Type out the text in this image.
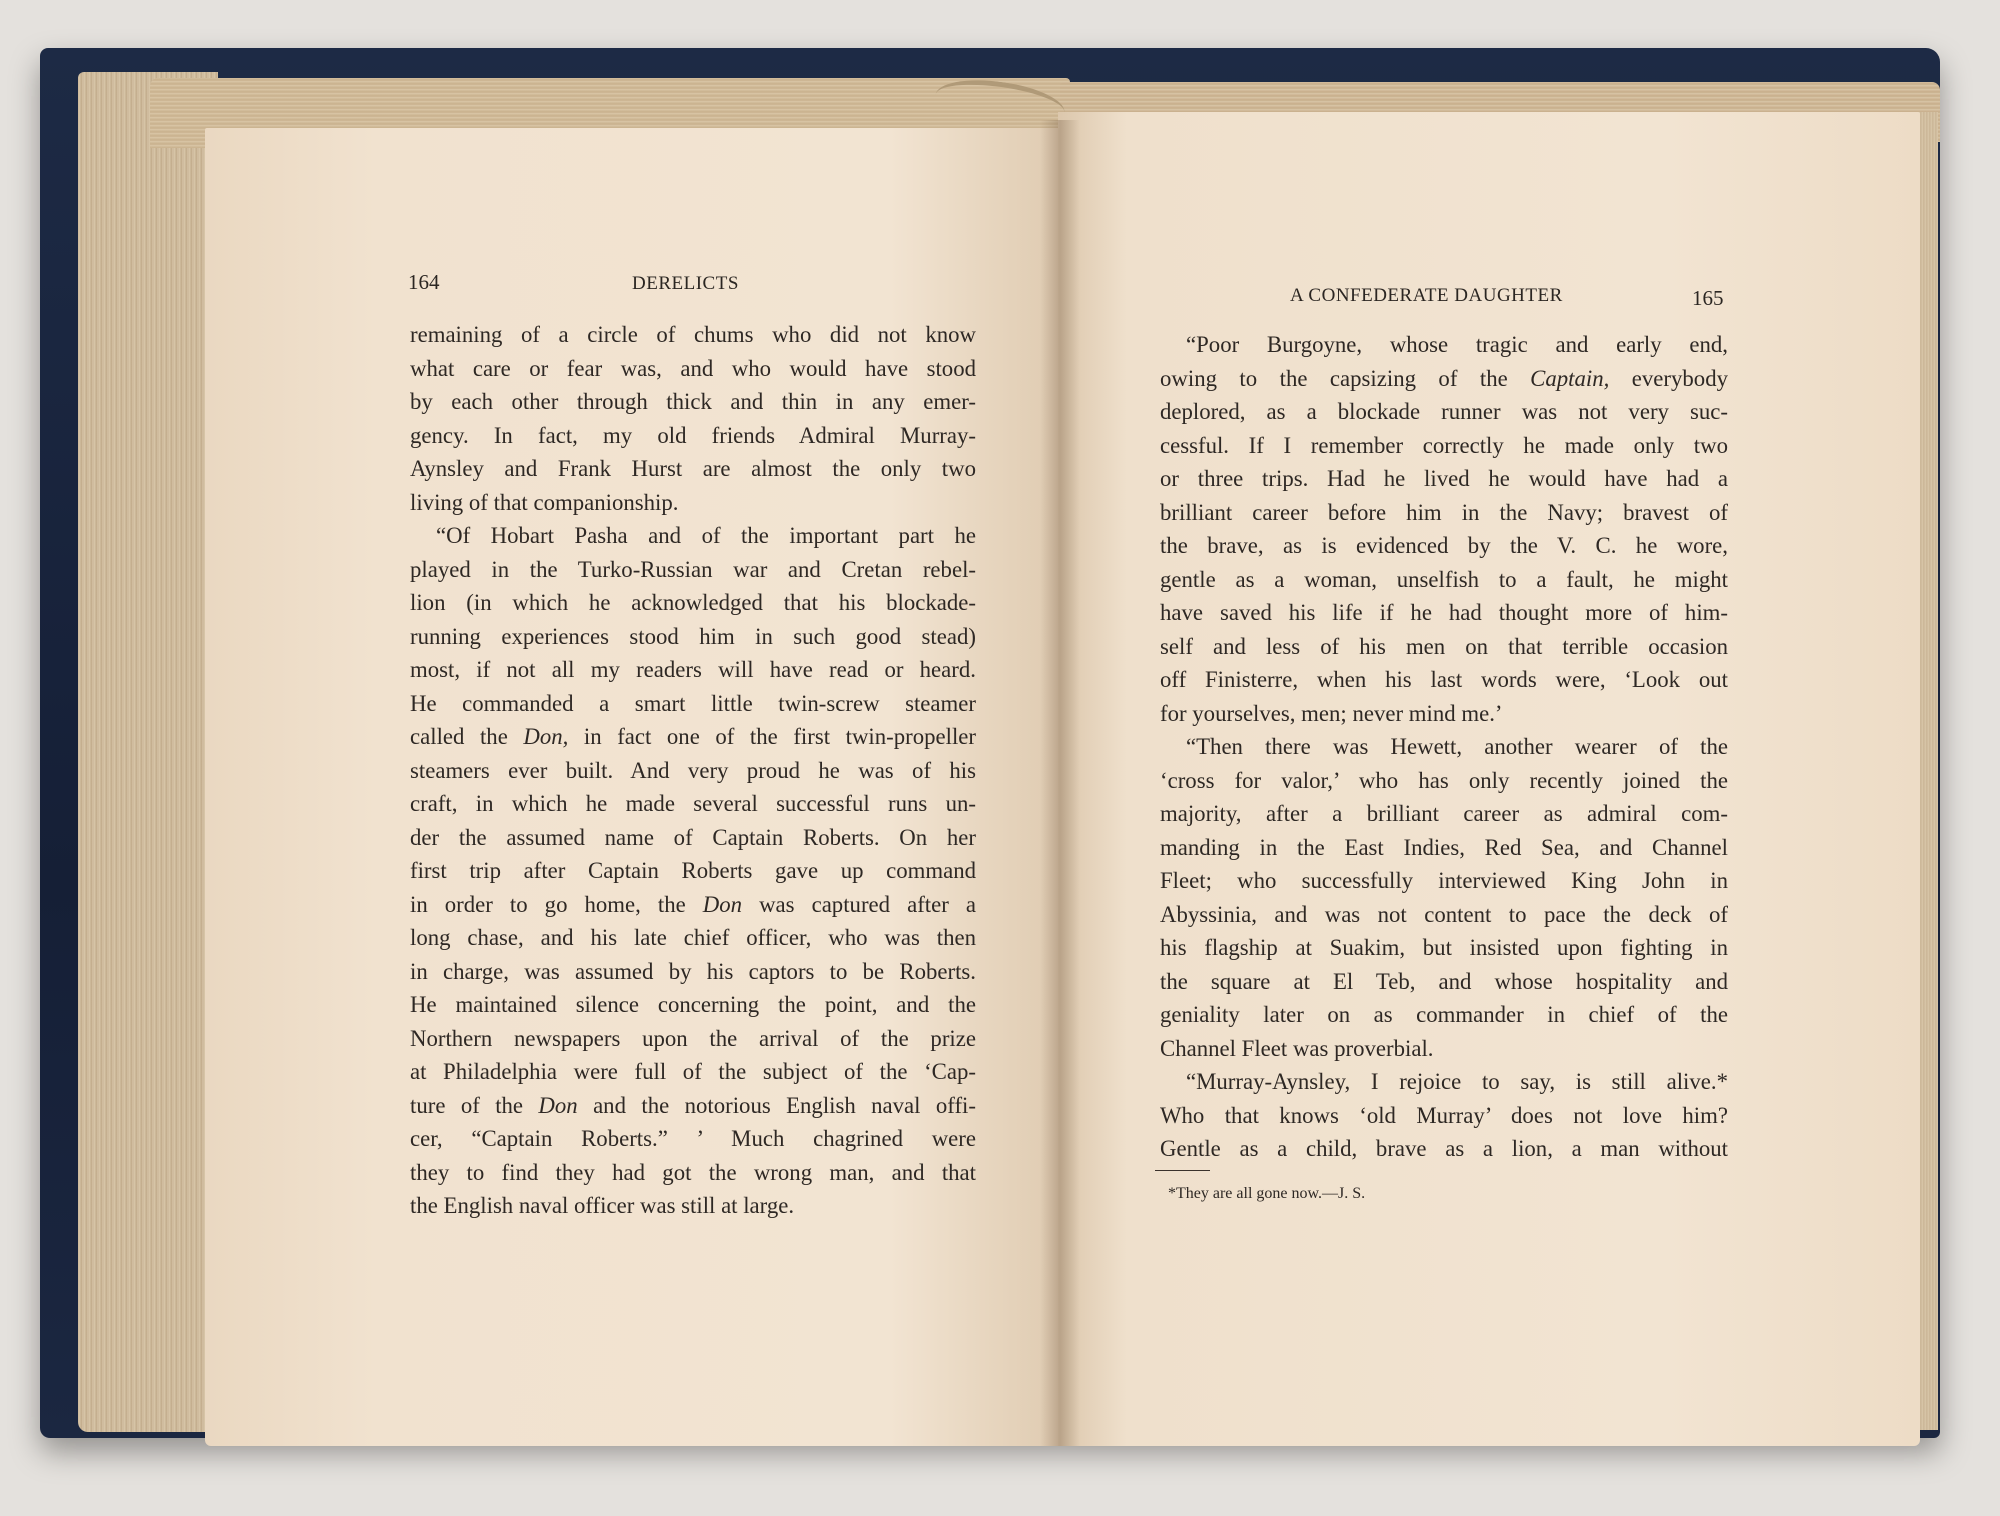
164	DERELICTS
remaining of a circle of chums who did not know
what care or fear was, and who would have stood
by each other through thick and thin in any emer-
gency. In fact, my old friends Admiral Murray-
Aynsley and Frank Hurst are almost the only two
living of that companionship.
“Of Hobart Pasha and of the important part he
played in the Turko-Russian war and Cretan rebel-
lion (in which he acknowledged that his blockade-
running experiences stood him in such good stead)
most, if not all my readers will have read or heard.
He commanded a smart little twin-screw steamer
called the Don, in fact one of the first twin-propeller
steamers ever built. And very proud he was of his
craft, in which he made several successful runs un-
der the assumed name of Captain Roberts. On her
first trip after Captain Roberts gave up command
in order to go home, the Don was captured after a
long chase, and his late chief officer, who was then
in charge, was assumed by his captors to be Roberts.
He maintained silence concerning the point, and the
Northern newspapers upon the arrival of the prize
at Philadelphia were full of the subject of the ‘Cap-
ture of the Don and the notorious English naval offi-
cer, “Captain Roberts.” ’ Much chagrined were
they to find they had got the wrong man, and that
the English naval officer was still at large.
A CONFEDERATE DAUGHTER	165
“Poor Burgoyne, whose tragic and early end,
owing to the capsizing of the Captain, everybody
deplored, as a blockade runner was not very suc-
cessful. If I remember correctly he made only two
or three trips. Had he lived he would have had a
brilliant career before him in the Navy; bravest of
the brave, as is evidenced by the V. C. he wore,
gentle as a woman, unselfish to a fault, he might
have saved his life if he had thought more of him-
self and less of his men on that terrible occasion
off Finisterre, when his last words were, ‘Look out
for yourselves, men; never mind me.’
“Then there was Hewett, another wearer of the
‘cross for valor,’ who has only recently joined the
majority, after a brilliant career as admiral com-
manding in the East Indies, Red Sea, and Channel
Fleet; who successfully interviewed King John in
Abyssinia, and was not content to pace the deck of
his flagship at Suakim, but insisted upon fighting in
the square at El Teb, and whose hospitality and
geniality later on as commander in chief of the
Channel Fleet was proverbial.
“Murray-Aynsley, I rejoice to say, is still alive.*
Who that knows ‘old Murray’ does not love him?
Gentle as a child, brave as a lion, a man without
*They are all gone now.—J. S.
